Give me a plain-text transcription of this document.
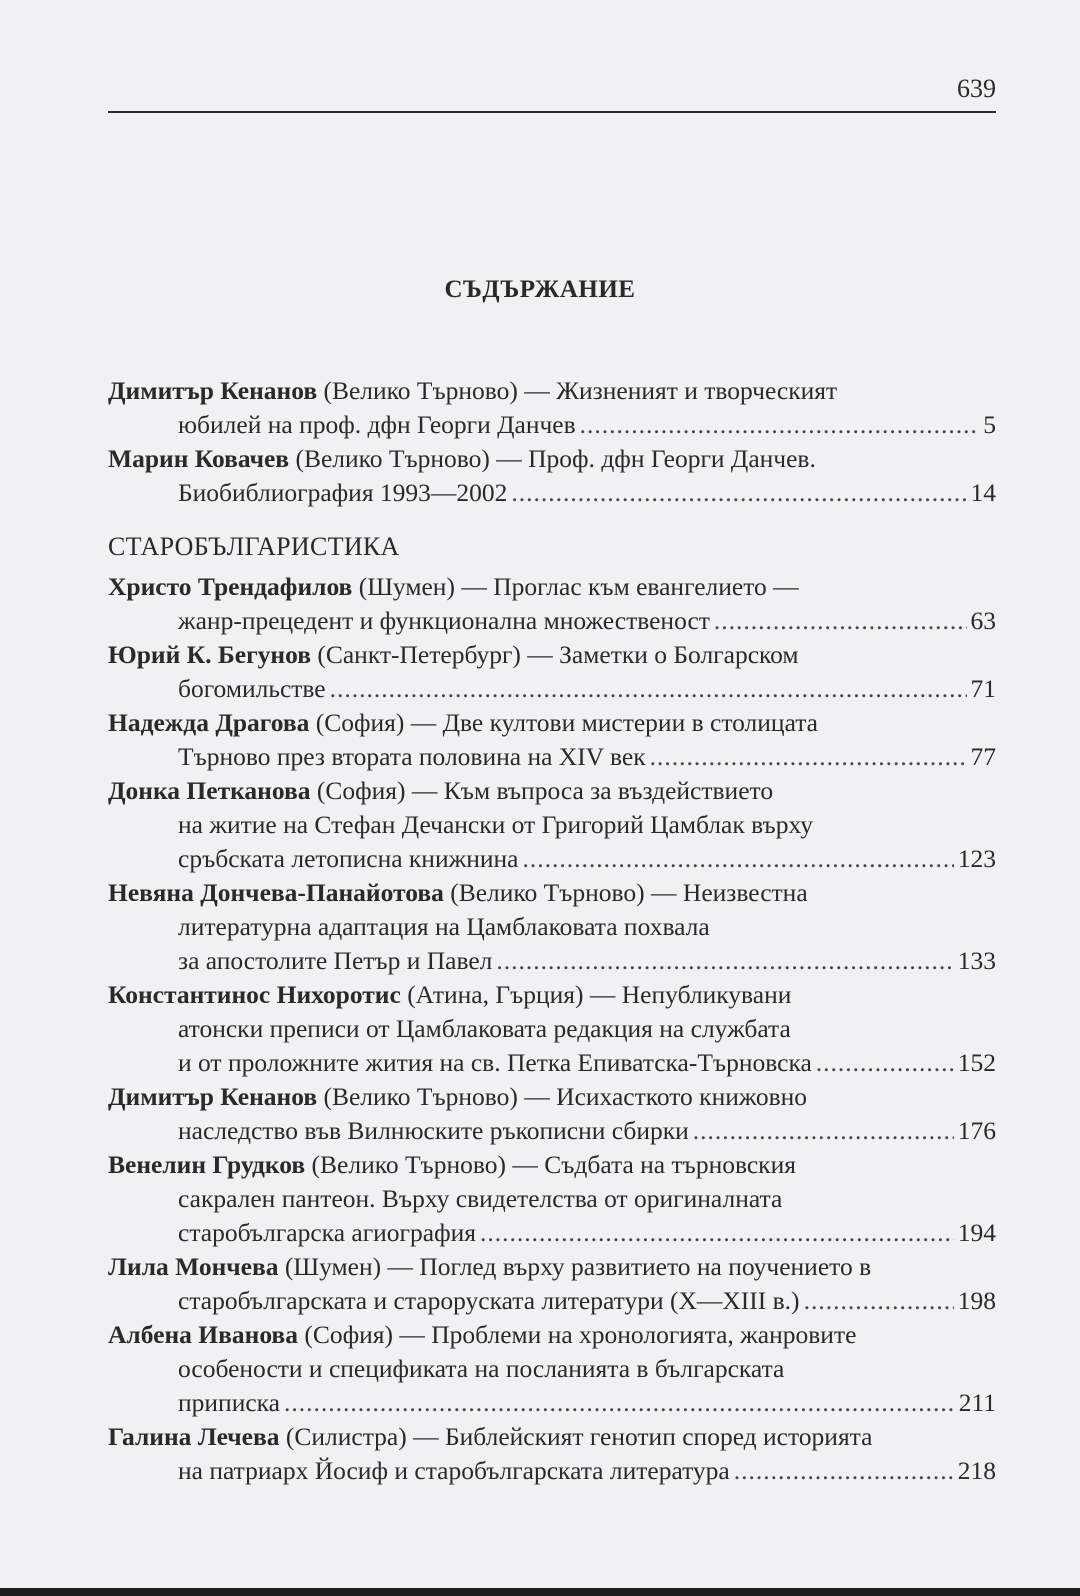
639
СЪДЪРЖАНИЕ
Димитър Кенанов (Велико Търново) — Жизненият и творческият
юбилей на проф. дфн Георги Данчев .....	5
Марин Ковачев (Велико Търново) — Проф. дфн Георги Данчев.
Биобиблиография 1993—2002 .....	14
СТАРОБЪЛГАРИСТИКА
Христо Трендафилов (Шумен) — Проглас към евангелието —
жанр-прецедент и функционална множественост .....	63
Юрий К. Бегунов (Санкт-Петербург) — Заметки о Болгарском
богомильстве .....	71
Надежда Драгова (София) — Две култови мистерии в столицата
Търново през втората половина на XIV век .....	77
Донка Петканова (София) — Към въпроса за въздействието
на житие на Стефан Дечански от Григорий Цамблак върху
сръбската летописна книжнина .....	123
Невяна Дончева-Панайотова (Велико Търново) — Неизвестна
литературна адаптация на Цамблаковата похвала
за апостолите Петър и Павел .....	133
Константинос Нихоротис (Атина, Гърция) — Непубликувани
атонски преписи от Цамблаковата редакция на службата
и от проложните жития на св. Петка Епиватска-Търновска .....	152
Димитър Кенанов (Велико Търново) — Исихасткото книжовно
наследство във Вилнюските ръкописни сбирки .....	176
Венелин Грудков (Велико Търново) — Съдбата на търновския
сакрален пантеон. Върху свидетелства от оригиналната
старобългарска агиография .....	194
Лила Мончева (Шумен) — Поглед върху развитието на поучението в
старобългарската и староруската литератури (X—XIII в.) .....	198
Албена Иванова (София) — Проблеми на хронологията, жанровите
особености и спецификата на посланията в българската
приписка .....	211
Галина Лечева (Силистра) — Библейският генотип според историята
на патриарх Йосиф и старобългарската литература .....	218
